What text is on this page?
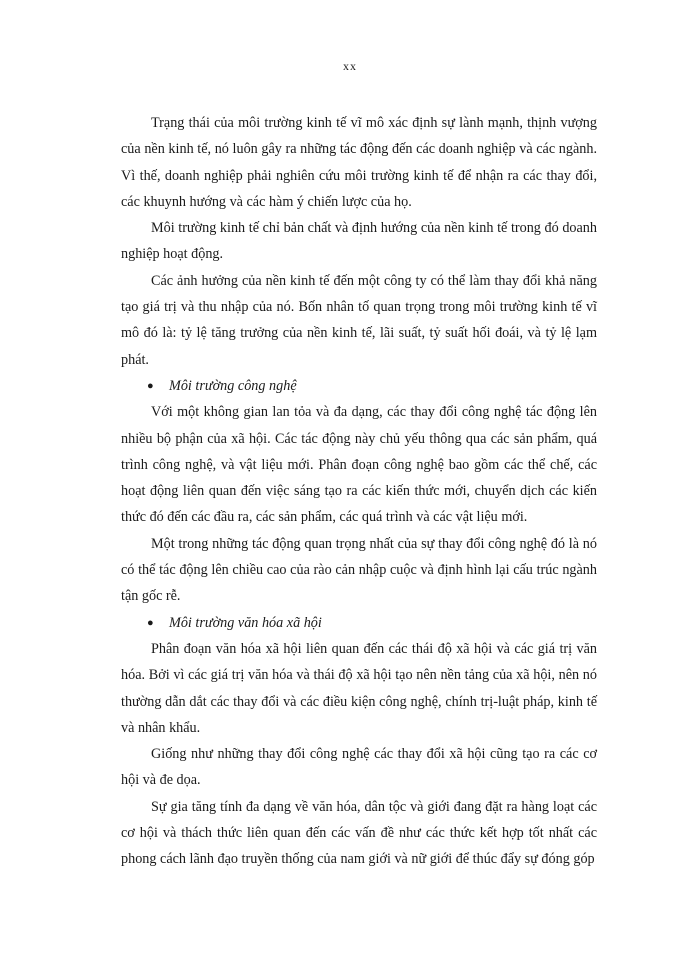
xx

Trạng thái của môi trường kinh tế vĩ mô xác định sự lành mạnh, thịnh vượng của nền kinh tế, nó luôn gây ra những tác động đến các doanh nghiệp và các ngành. Vì thế, doanh nghiệp phải nghiên cứu môi trường kinh tế để nhận ra các thay đổi, các khuynh hướng và các hàm ý chiến lược của họ.

Môi trường kinh tế chỉ bản chất và định hướng của nền kinh tế trong đó doanh nghiệp hoạt động.

Các ảnh hưởng của nền kinh tế đến một công ty có thể làm thay đổi khả năng tạo giá trị và thu nhập của nó. Bốn nhân tố quan trọng trong môi trường kinh tế vĩ mô đó là: tỷ lệ tăng trưởng của nền kinh tế, lãi suất, tỷ suất hối đoái, và tỷ lệ lạm phát.

● Môi trường công nghệ

Với một không gian lan tỏa và đa dạng, các thay đổi công nghệ tác động lên nhiều bộ phận của xã hội. Các tác động này chủ yếu thông qua các sản phẩm, quá trình công nghệ, và vật liệu mới. Phân đoạn công nghệ bao gồm các thể chế, các hoạt động liên quan đến việc sáng tạo ra các kiến thức mới, chuyển dịch các kiến thức đó đến các đầu ra, các sản phẩm, các quá trình và các vật liệu mới.

Một trong những tác động quan trọng nhất của sự thay đổi công nghệ đó là nó có thể tác động lên chiều cao của rào cản nhập cuộc và định hình lại cấu trúc ngành tận gốc rễ.

● Môi trường văn hóa xã hội

Phân đoạn văn hóa xã hội liên quan đến các thái độ xã hội và các giá trị văn hóa. Bởi vì các giá trị văn hóa và thái độ xã hội tạo nên nền tảng của xã hội, nên nó thường dẫn dắt các thay đổi và các điều kiện công nghệ, chính trị-luật pháp, kinh tế và nhân khẩu.

Giống như những thay đổi công nghệ các thay đổi xã hội cũng tạo ra các cơ hội và đe dọa.

Sự gia tăng tính đa dạng về văn hóa, dân tộc và giới đang đặt ra hàng loạt các cơ hội và thách thức liên quan đến các vấn đề như các thức kết hợp tốt nhất các phong cách lãnh đạo truyền thống của nam giới và nữ giới để thúc đẩy sự đóng góp
